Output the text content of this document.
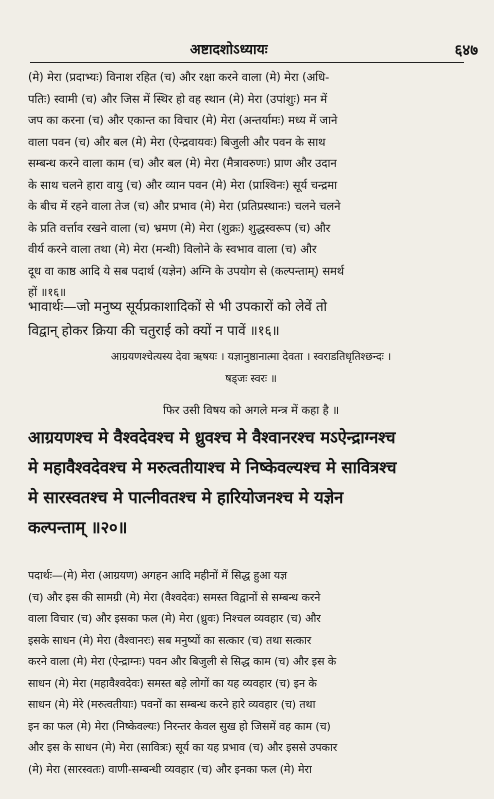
अष्टादशोऽध्यायः	६४७
(मे) मेरा (प्रदाभ्यः) विनाश रहित (च) और रक्षा करने वाला (मे) मेरा (अधि-
पतिः) स्वामी (च) और जिस में स्थिर हो वह स्थान (मे) मेरा (उपांशुः) मन में
जप का करना (च) और एकान्त का विचार (मे) मेरा (अन्तर्यामः) मध्य में जाने
वाला पवन (च) और बल (मे) मेरा (ऐन्द्रवायवः) बिजुली और पवन के साथ
सम्बन्ध करने वाला काम (च) और बल (मे) मेरा (मैत्रावरुणः) प्राण और उदान
के साथ चलने हारा वायु (च) और व्यान पवन (मे) मेरा (प्राश्विनः) सूर्य चन्द्रमा
के बीच में रहने वाला तेज (च) और प्रभाव (मे) मेरा (प्रतिप्रस्थानः) चलने चलने
के प्रति वर्त्ताव रखने वाला (च) भ्रमण (मे) मेरा (शुक्रः) शुद्धस्वरूप (च) और
वीर्य करने वाला तथा (मे) मेरा (मन्थी) विलोने के स्वभाव वाला (च) और
दूध वा काष्ठ आदि ये सब पदार्थ (यज्ञेन) अग्नि के उपयोग से (कल्पन्ताम्) समर्थ
हों ॥१६॥
भावार्थः—जो मनुष्य सूर्यप्रकाशादिकों से भी उपकारों को लेवें तो
विद्वान् होकर क्रिया की चतुराई को क्यों न पावें ॥१६॥
आग्रयणश्चेत्यस्य देवा ऋषयः । यज्ञानुष्ठानात्मा देवता । स्वराडतिधृतिश्छन्दः ।
षड्जः स्वरः ॥
फिर उसी विषय को अगले मन्त्र में कहा है ॥
आग्रयणश्च मे वैश्वदेवश्च मे ध्रुवश्च मे वैश्वानरश्च मऽऐन्द्राग्नश्च
मे महावैश्वदेवश्च मे मरुत्वतीयाश्च मे निष्केवल्यश्च मे सावित्रश्च
मे सारस्वतश्च मे पात्नीवतश्च मे हारियोजनश्च मे यज्ञेन
कल्पन्ताम् ॥२०॥
पदार्थः—(मे) मेरा (आग्रयण) अगहन आदि महीनों में सिद्ध हुआ यज्ञ
(च) और इस की सामग्री (मे) मेरा (वैश्वदेवः) समस्त विद्वानों से सम्बन्ध करने
वाला विचार (च) और इसका फल (मे) मेरा (ध्रुवः) निश्चल व्यवहार (च) और
इसके साधन (मे) मेरा (वैश्वानरः) सब मनुष्यों का सत्कार (च) तथा सत्कार
करने वाला (मे) मेरा (ऐन्द्राग्नः) पवन और बिजुली से सिद्ध काम (च) और इस के
साधन (मे) मेरा (महावैश्वदेवः) समस्त बड़े लोगों का यह व्यवहार (च) इन के
साधन (मे) मेरे (मरुत्वतीयाः) पवनों का सम्बन्ध करने हारे व्यवहार (च) तथा
इन का फल (मे) मेरा (निष्केवल्यः) निरन्तर केवल सुख हो जिसमें वह काम (च)
और इस के साधन (मे) मेरा (सावित्रः) सूर्य का यह प्रभाव (च) और इससे उपकार
(मे) मेरा (सारस्वतः) वाणी-सम्बन्धी व्यवहार (च) और इनका फल (मे) मेरा
